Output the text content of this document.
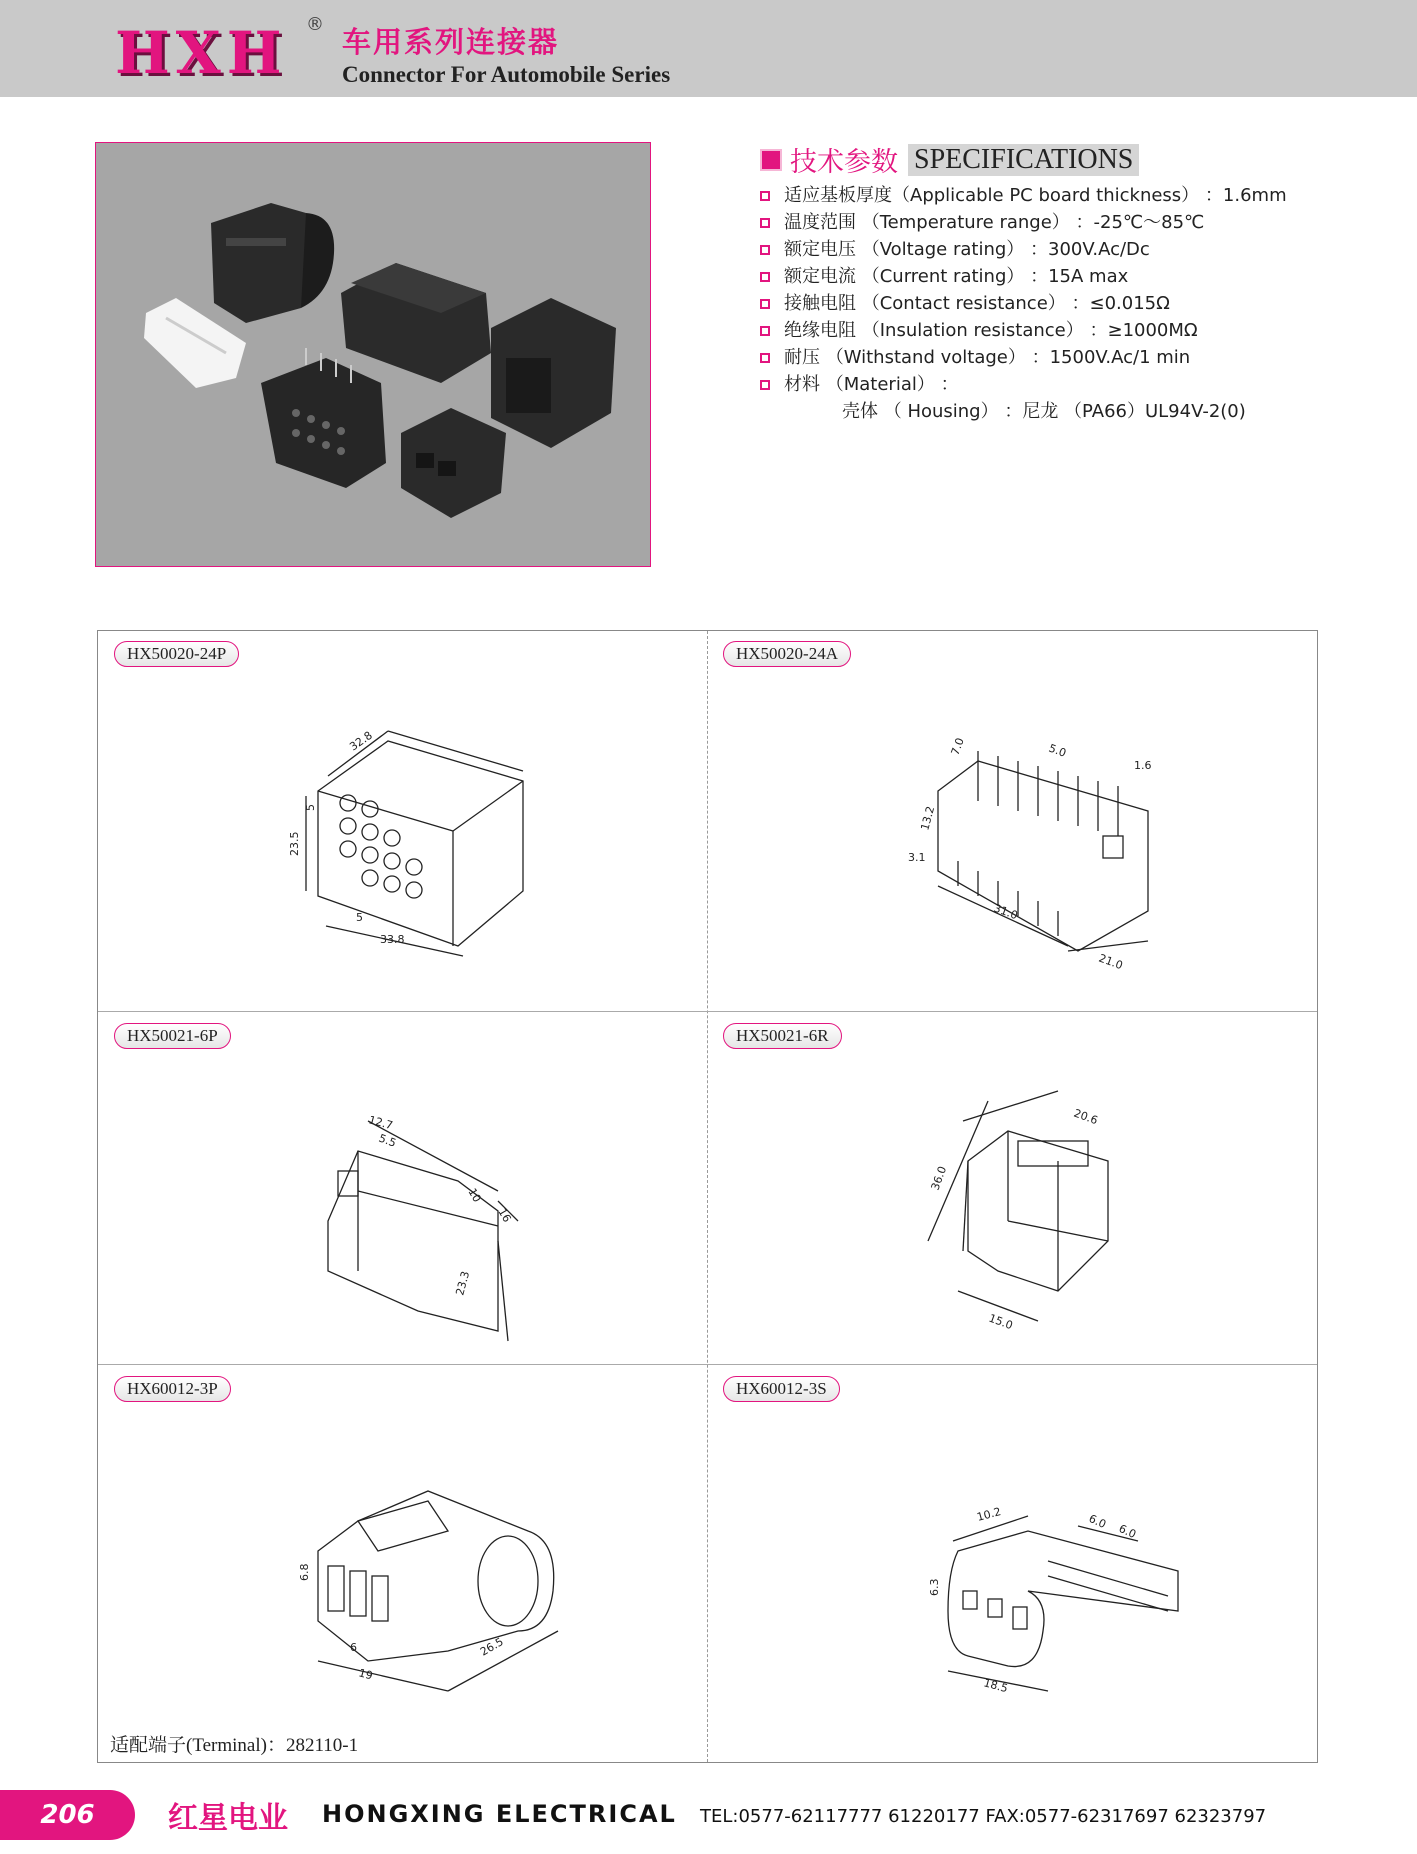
HXH ®
车用系列连接器
Connector For Automobile Series
技术参数 SPECIFICATIONS
适应基板厚度（Applicable PC board thickness） ：1.6mm
温度范围 （Temperature range） ：-25℃～85℃
额定电压 （Voltage rating） ：300V.Ac/Dc
额定电流 （Current rating） ：15A max
接触电阻 （Contact resistance） ：≤0.015Ω
绝缘电阻 （Insulation resistance） ：≥1000MΩ
耐压 （Withstand voltage） ：1500V.Ac/1 min
材料 （Material） ：
壳体 （ Housing） ：尼龙 （PA66）UL94V-2(0)
HX50020-24P
32.8
23.5
5
5
33.8
HX50020-24A
7.0	5.0
1.6
13.2
3.1
31.0
21.0
HX50021-6P
12.7
5.5
10
16
23.3
HX50021-6R
20.6
36.0
15.0
HX60012-3P
6.8
6
19
26.5
HX60012-3S
10.2	6.0
6.0
6.3
18.5
适配端子(Terminal)：282110-1
206	红星电业 HONGXING ELECTRICAL TEL:0577-62117777 61220177 FAX:0577-62317697 62323797
